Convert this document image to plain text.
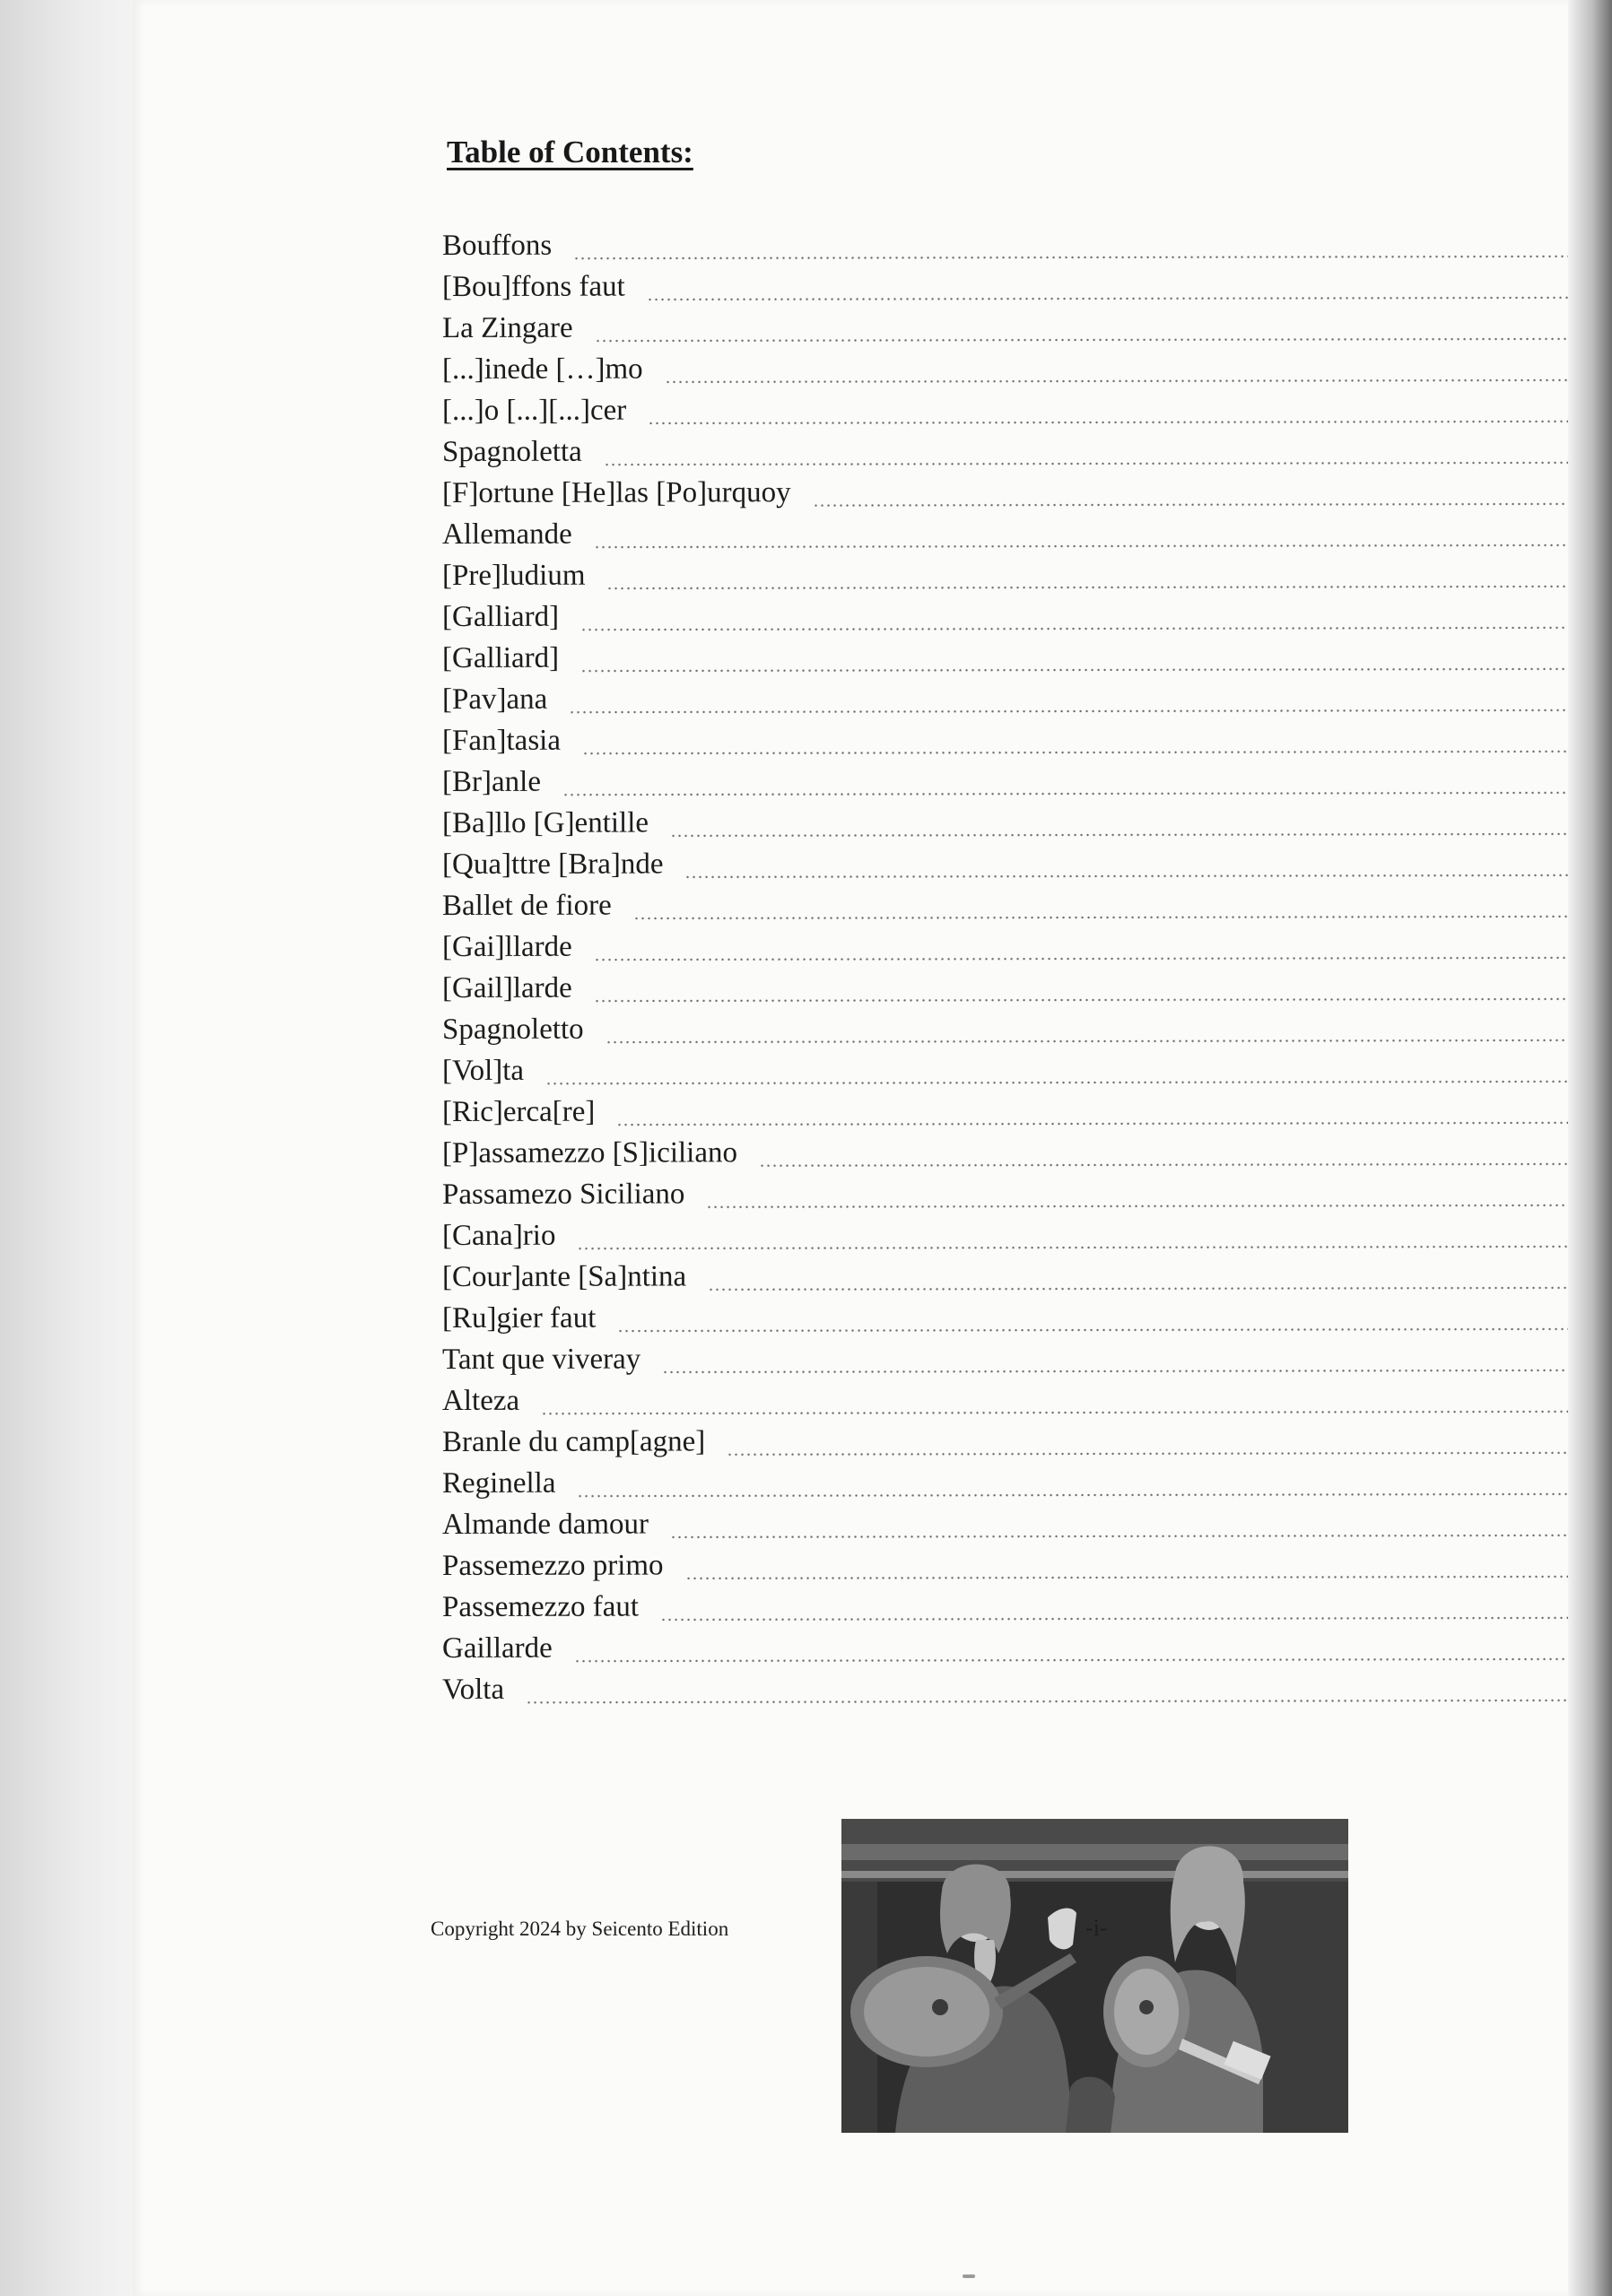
Table of Contents:
Bouffons
[Bou]ffons faut
La Zingare
[...]inede […]mo
[...]o [...][...]cer
Spagnoletta
[F]ortune [He]las [Po]urquoy
Allemande
[Pre]ludium
[Galliard]
[Galliard]
[Pav]ana
[Fan]tasia
[Br]anle
[Ba]llo [G]entille
[Qua]ttre [Bra]nde
Ballet de fiore
[Gai]llarde
[Gail]larde
Spagnoletto
[Vol]ta
[Ric]erca[re]
[P]assamezzo [S]iciliano
Passamezo Siciliano
[Cana]rio
[Cour]ante [Sa]ntina
[Ru]gier faut
Tant que viveray
Alteza
Branle du camp[agne]
Reginella
Almande damour
Passemezzo primo
Passemezzo faut
Gaillarde
Volta
Copyright 2024 by Seicento Edition	-i-
